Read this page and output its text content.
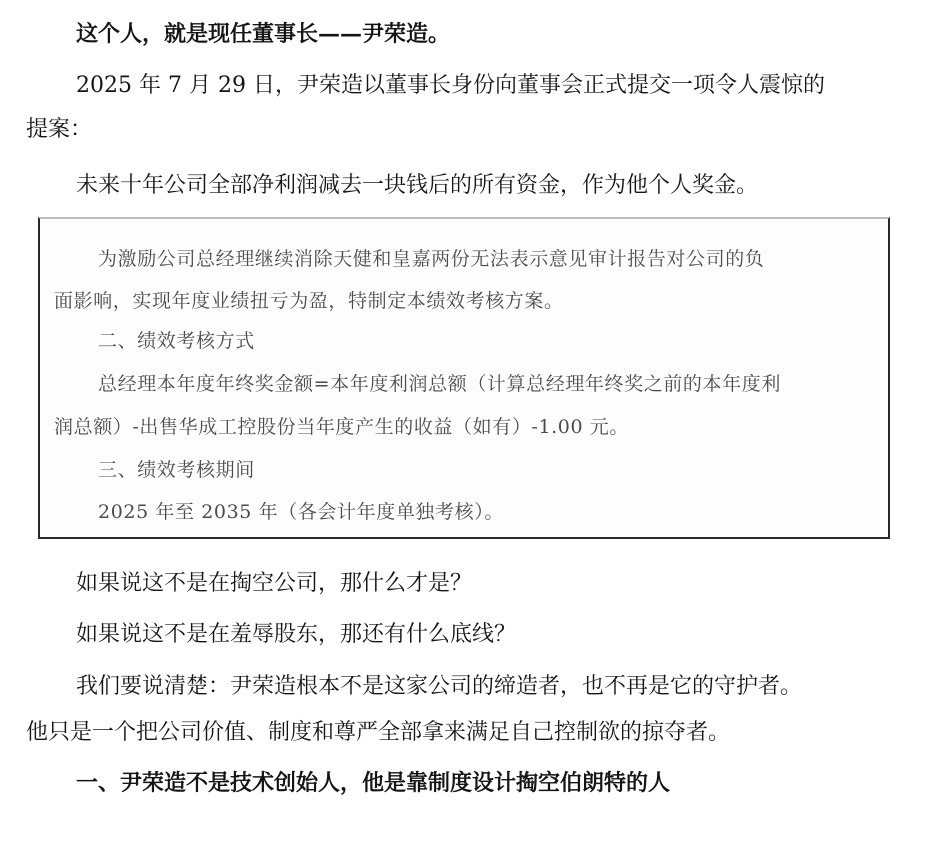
这个人，就是现任董事长——尹荣造。
2025 年 7 月 29 日，尹荣造以董事长身份向董事会正式提交一项令人震惊的
提案：
未来十年公司全部净利润减去一块钱后的所有资金，作为他个人奖金。
为激励公司总经理继续消除天健和皇嘉两份无法表示意见审计报告对公司的负
面影响，实现年度业绩扭亏为盈，特制定本绩效考核方案。
二、绩效考核方式
总经理本年度年终奖金额=本年度利润总额（计算总经理年终奖之前的本年度利
润总额）-出售华成工控股份当年度产生的收益（如有）-1.00 元。
三、绩效考核期间
2025 年至 2035 年（各会计年度单独考核）。
如果说这不是在掏空公司，那什么才是？
如果说这不是在羞辱股东，那还有什么底线？
我们要说清楚：尹荣造根本不是这家公司的缔造者，也不再是它的守护者。
他只是一个把公司价值、制度和尊严全部拿来满足自己控制欲的掠夺者。
一、尹荣造不是技术创始人，他是靠制度设计掏空伯朗特的人
